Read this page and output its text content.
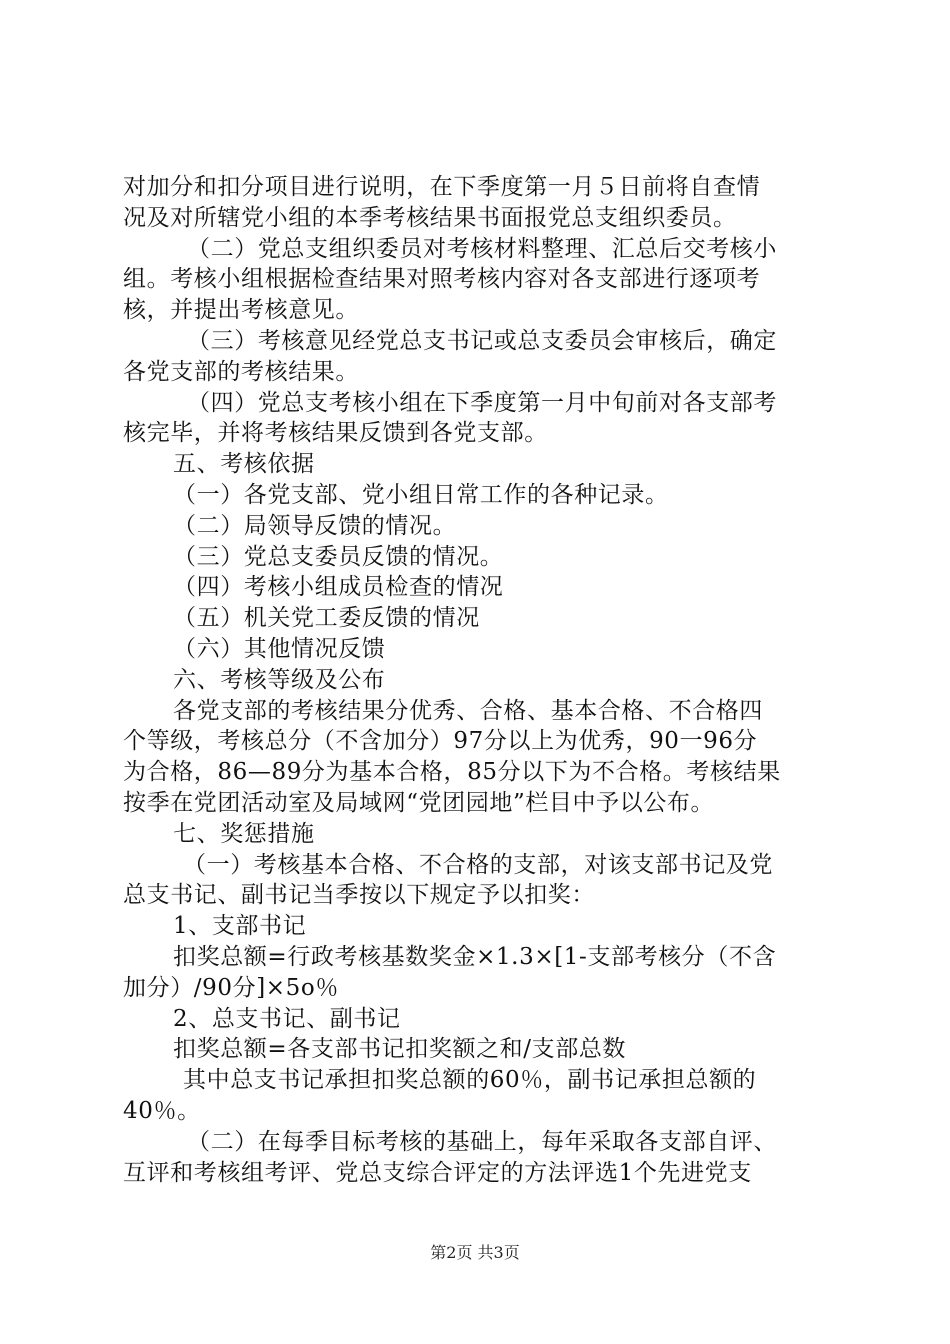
对加分和扣分项目进行说明，在下季度第一月５日前将自查情
况及对所辖党小组的本季考核结果书面报党总支组织委员。
（二）党总支组织委员对考核材料整理、汇总后交考核小
组。考核小组根据检查结果对照考核内容对各支部进行逐项考
核，并提出考核意见。
（三）考核意见经党总支书记或总支委员会审核后，确定
各党支部的考核结果。
（四）党总支考核小组在下季度第一月中旬前对各支部考
核完毕，并将考核结果反馈到各党支部。
五、考核依据
（一）各党支部、党小组日常工作的各种记录。
（二）局领导反馈的情况。
（三）党总支委员反馈的情况。
（四）考核小组成员检查的情况
（五）机关党工委反馈的情况
（六）其他情况反馈
六、考核等级及公布
各党支部的考核结果分优秀、合格、基本合格、不合格四
个等级，考核总分（不含加分）97分以上为优秀，90一96分
为合格，86—89分为基本合格，85分以下为不合格。考核结果
按季在党团活动室及局域网“党团园地”栏目中予以公布。
七、奖惩措施
（一）考核基本合格、不合格的支部，对该支部书记及党
总支书记、副书记当季按以下规定予以扣奖：
1、支部书记
扣奖总额=行政考核基数奖金×1.3×[1-支部考核分（不含
加分）/90分]×5o％
2、总支书记、副书记
扣奖总额=各支部书记扣奖额之和/支部总数
其中总支书记承担扣奖总额的60％，副书记承担总额的
40％。
（二）在每季目标考核的基础上，每年采取各支部自评、
互评和考核组考评、党总支综合评定的方法评选1个先进党支
第2页 共3页
